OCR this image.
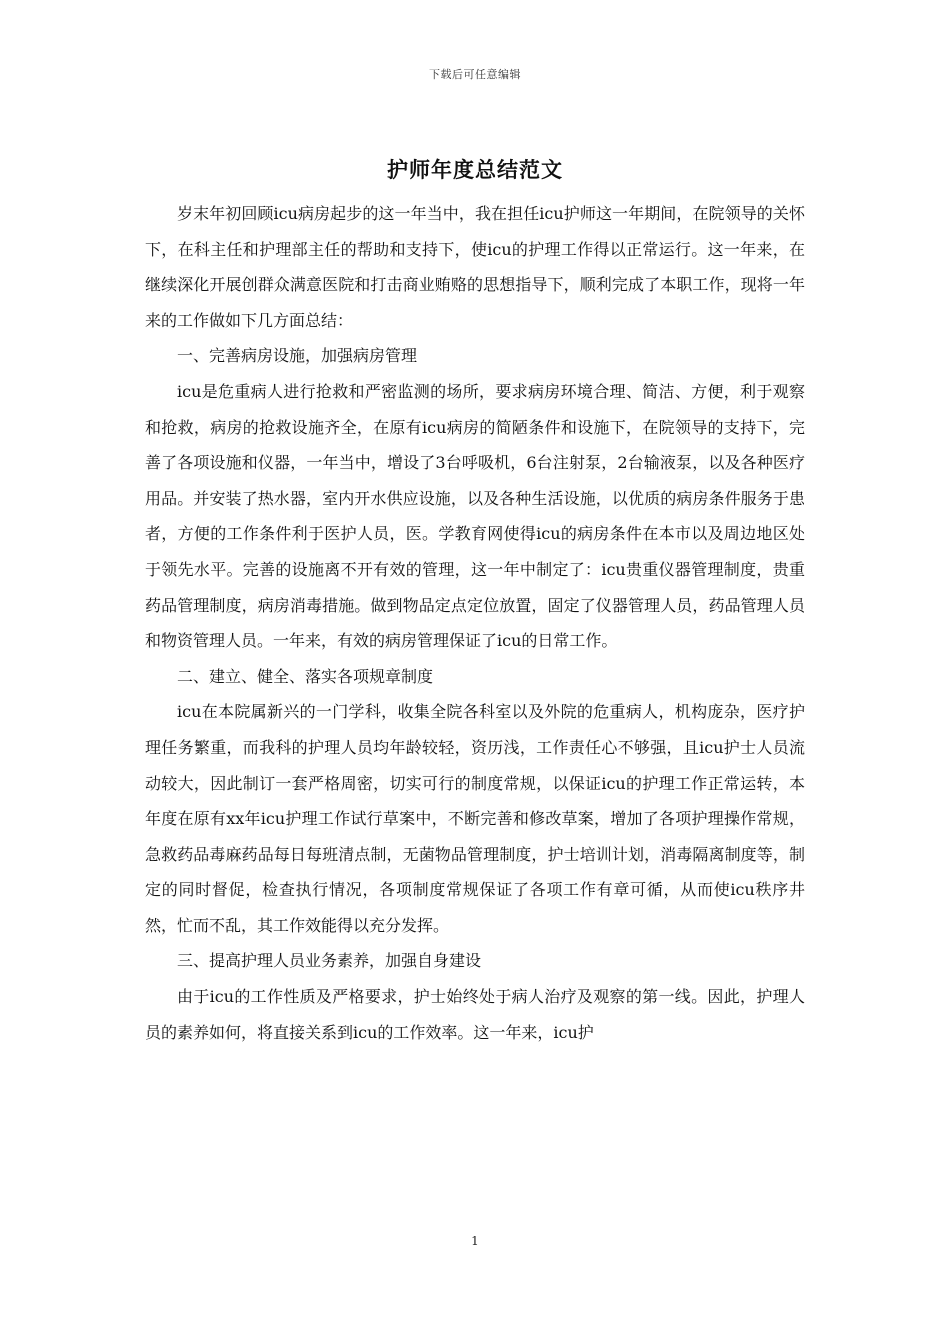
下载后可任意编辑
护师年度总结范文

岁末年初回顾icu病房起步的这一年当中，我在担任icu护师这一年期间，在院领导的关怀下，在科主任和护理部主任的帮助和支持下，使icu的护理工作得以正常运行。这一年来，在继续深化开展创群众满意医院和打击商业贿赂的思想指导下，顺利完成了本职工作，现将一年来的工作做如下几方面总结：

一、完善病房设施，加强病房管理

icu是危重病人进行抢救和严密监测的场所，要求病房环境合理、简洁、方便，利于观察和抢救，病房的抢救设施齐全，在原有icu病房的简陋条件和设施下，在院领导的支持下，完善了各项设施和仪器，一年当中，增设了3台呼吸机，6台注射泵，2台输液泵，以及各种医疗用品。并安装了热水器，室内开水供应设施，以及各种生活设施，以优质的病房条件服务于患者，方便的工作条件利于医护人员，医。学教育网使得icu的病房条件在本市以及周边地区处于领先水平。完善的设施离不开有效的管理，这一年中制定了：icu贵重仪器管理制度，贵重药品管理制度，病房消毒措施。做到物品定点定位放置，固定了仪器管理人员，药品管理人员和物资管理人员。一年来，有效的病房管理保证了icu的日常工作。

二、建立、健全、落实各项规章制度

icu在本院属新兴的一门学科，收集全院各科室以及外院的危重病人，机构庞杂，医疗护理任务繁重，而我科的护理人员均年龄较轻，资历浅，工作责任心不够强，且icu护士人员流动较大，因此制订一套严格周密，切实可行的制度常规，以保证icu的护理工作正常运转，本年度在原有xx年icu护理工作试行草案中，不断完善和修改草案，增加了各项护理操作常规，急救药品毒麻药品每日每班清点制，无菌物品管理制度，护士培训计划，消毒隔离制度等，制定的同时督促，检查执行情况，各项制度常规保证了各项工作有章可循，从而使icu秩序井然，忙而不乱，其工作效能得以充分发挥。

三、提高护理人员业务素养，加强自身建设

由于icu的工作性质及严格要求，护士始终处于病人治疗及观察的第一线。因此，护理人员的素养如何，将直接关系到icu的工作效率。这一年来，icu护

1
